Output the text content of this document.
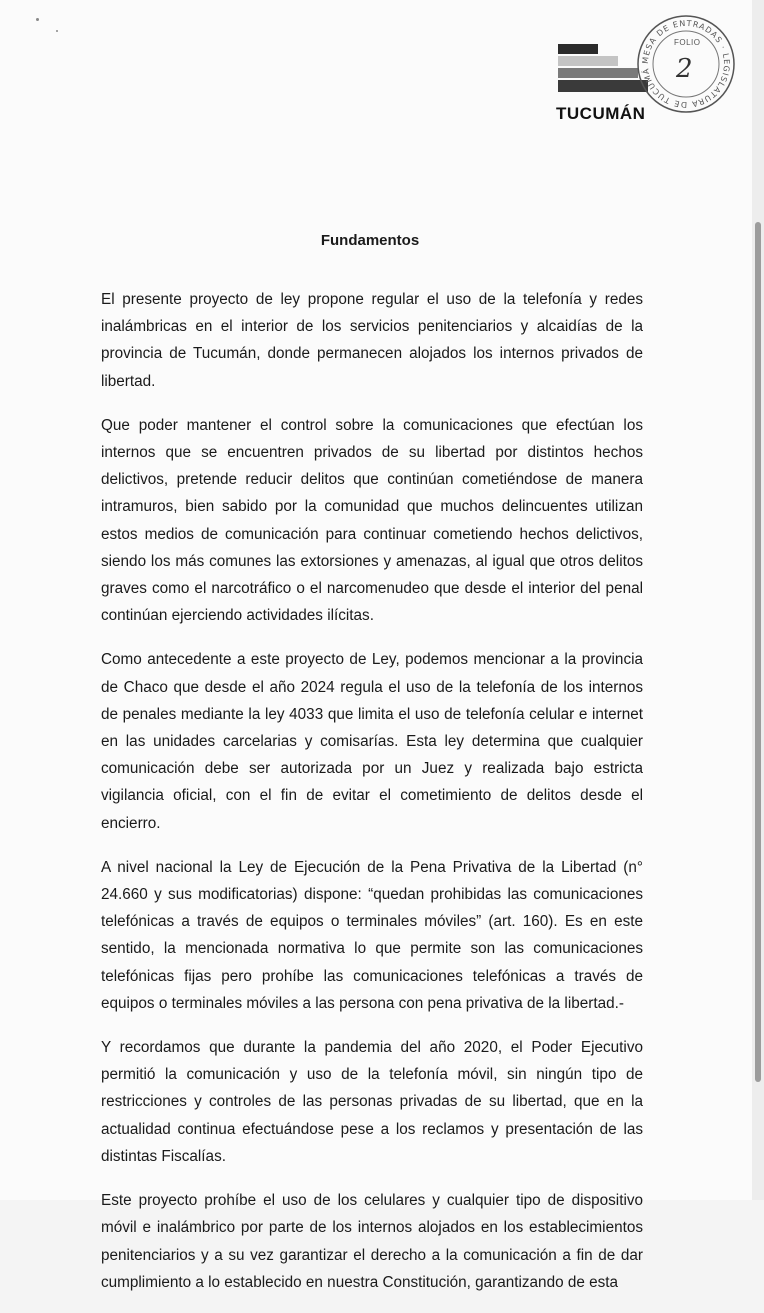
TUCUMÁN
MESA DE ENTRADAS · LEGISLATURA DE TUCUMÁ
FOLIO
2
Fundamentos

El presente proyecto de ley propone regular el uso de la telefonía y redes inalámbricas en el interior de los servicios penitenciarios y alcaidías de la provincia de Tucumán, donde permanecen alojados los internos privados de libertad.

Que poder mantener el control sobre la comunicaciones que efectúan los internos que se encuentren privados de su libertad por distintos hechos delictivos, pretende reducir delitos que continúan cometiéndose de manera intramuros, bien sabido por la comunidad que muchos delincuentes utilizan estos medios de comunicación para continuar cometiendo hechos delictivos, siendo los más comunes las extorsiones y amenazas, al igual que otros delitos graves como el narcotráfico o el narcomenudeo que desde el interior del penal continúan ejerciendo actividades ilícitas.

Como antecedente a este proyecto de Ley, podemos mencionar a la provincia de Chaco que desde el año 2024 regula el uso de la telefonía de los internos de penales mediante la ley 4033 que limita el uso de telefonía celular e internet en las unidades carcelarias y comisarías. Esta ley determina que cualquier comunicación debe ser autorizada por un Juez y realizada bajo estricta vigilancia oficial, con el fin de evitar el cometimiento de delitos desde el encierro.

A nivel nacional la Ley de Ejecución de la Pena Privativa de la Libertad (n° 24.660 y sus modificatorias) dispone: “quedan prohibidas las comunicaciones telefónicas a través de equipos o terminales móviles” (art. 160). Es en este sentido, la mencionada normativa lo que permite son las comunicaciones telefónicas fijas pero prohíbe las comunicaciones telefónicas a través de equipos o terminales móviles a las persona con pena privativa de la libertad.-

Y recordamos que durante la pandemia del año 2020, el Poder Ejecutivo permitió la comunicación y uso de la telefonía móvil, sin ningún tipo de restricciones y controles de las personas privadas de su libertad, que en la actualidad continua efectuándose pese a los reclamos y presentación de las distintas Fiscalías.

Este proyecto prohíbe el uso de los celulares y cualquier tipo de dispositivo móvil e inalámbrico por parte de los internos alojados en los establecimientos penitenciarios y a su vez garantizar el derecho a la comunicación a fin de dar cumplimiento a lo establecido en nuestra Constitución, garantizando de esta
